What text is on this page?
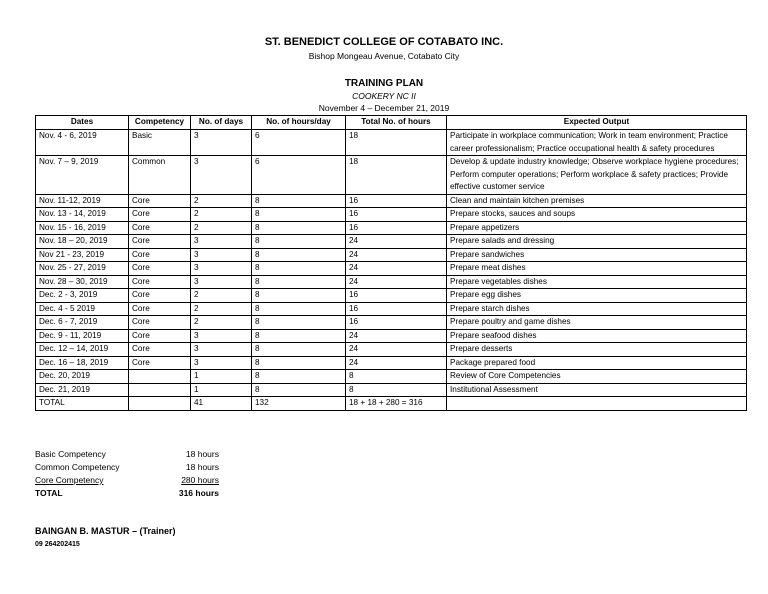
ST. BENEDICT COLLEGE OF COTABATO INC.
Bishop Mongeau Avenue, Cotabato City
TRAINING PLAN
COOKERY NC II
November 4 – December 21, 2019
Dates	Competency	No. of days	No. of hours/day	Total No. of hours	Expected Output
Nov. 4 - 6, 2019	Basic	3	6	18	Participate in workplace communication; Work in team environment; Practice career professionalism; Practice occupational health & safety procedures
Nov. 7 – 9, 2019	Common	3	6	18	Develop & update industry knowledge; Observe workplace hygiene procedures; Perform computer operations; Perform workplace & safety practices; Provide effective customer service
Nov. 11-12, 2019	Core	2	8	16	Clean and maintain kitchen premises
Nov. 13 - 14, 2019	Core	2	8	16	Prepare stocks, sauces and soups
Nov. 15 - 16, 2019	Core	2	8	16	Prepare appetizers
Nov. 18 – 20, 2019	Core	3	8	24	Prepare salads and dressing
Nov 21 - 23, 2019	Core	3	8	24	Prepare sandwiches
Nov. 25 - 27, 2019	Core	3	8	24	Prepare meat dishes
Nov. 28 – 30, 2019	Core	3	8	24	Prepare vegetables dishes
Dec. 2 - 3, 2019	Core	2	8	16	Prepare egg dishes
Dec. 4 - 5 2019	Core	2	8	16	Prepare starch dishes
Dec. 6 - 7, 2019	Core	2	8	16	Prepare poultry and game dishes
Dec. 9 - 11, 2019	Core	3	8	24	Prepare seafood dishes
Dec. 12 – 14, 2019	Core	3	8	24	Prepare desserts
Dec. 16 – 18, 2019	Core	3	8	24	Package prepared food
Dec. 20, 2019		1	8	8	Review of Core Competencies
Dec. 21, 2019		1	8	8	Institutional Assessment
TOTAL		41	132	18 + 18 + 280 = 316	
Basic Competency	18 hours
Common Competency	18 hours
Core Competency	280 hours
TOTAL	316 hours
BAINGAN B. MASTUR – (Trainer)
09 264202415
